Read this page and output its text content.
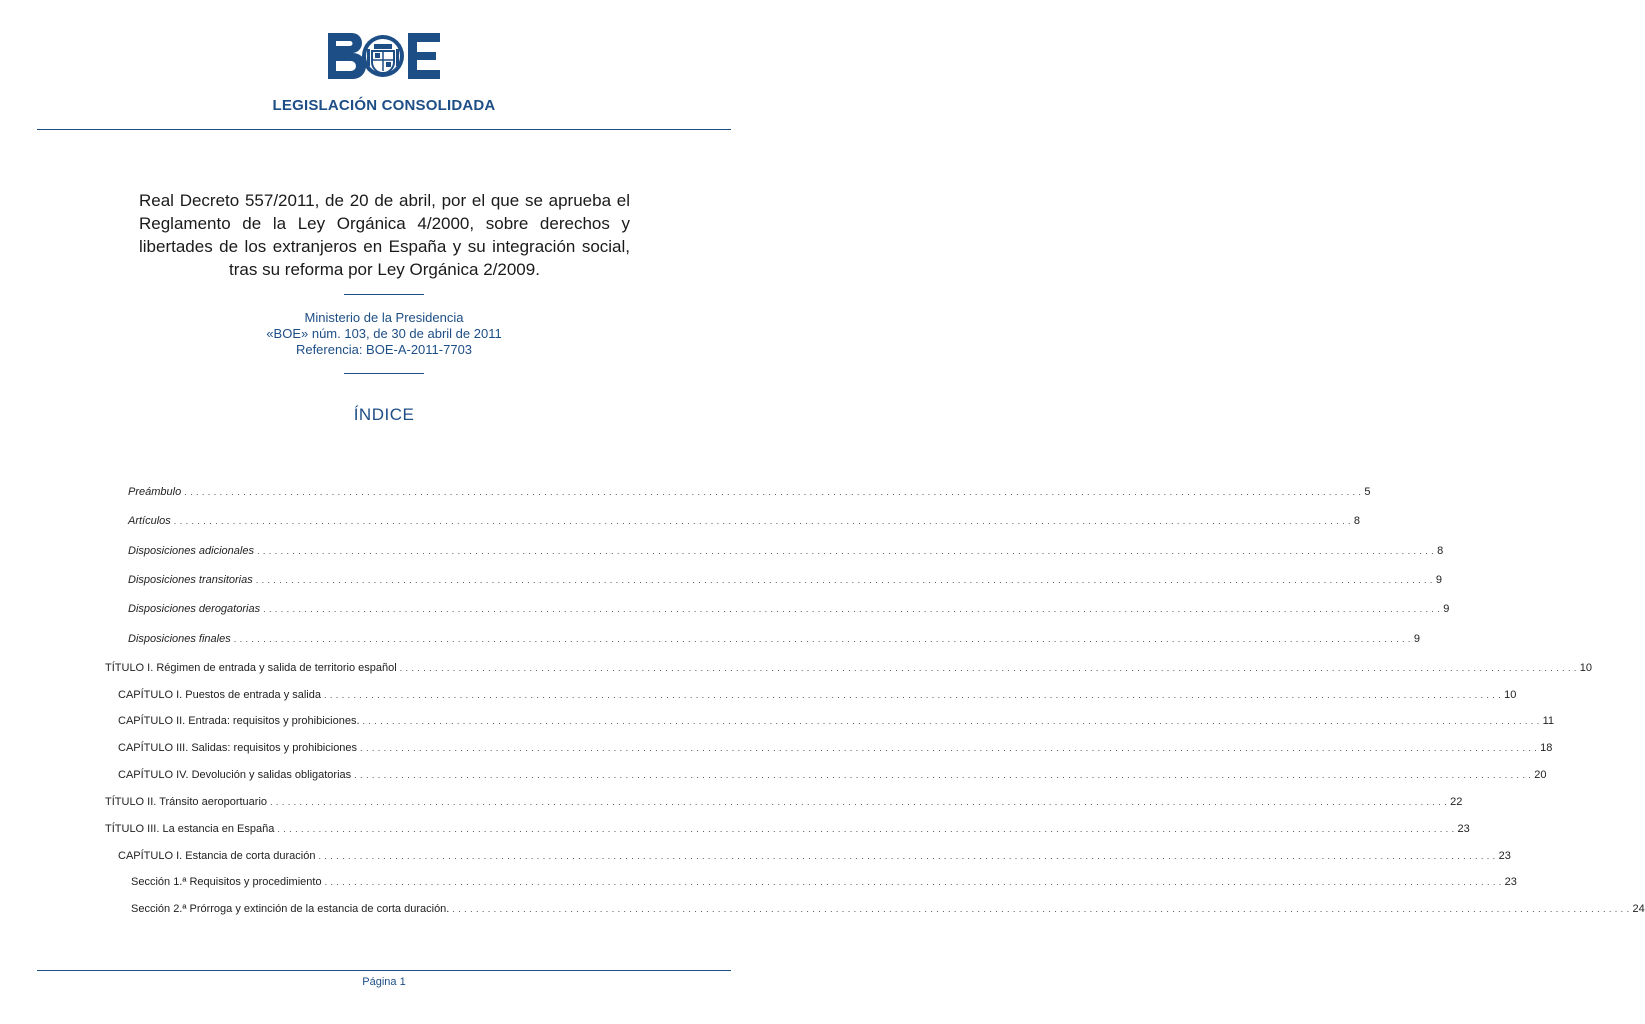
LEGISLACIÓN CONSOLIDADA
Real Decreto 557/2011, de 20 de abril, por el que se aprueba el Reglamento de la Ley Orgánica 4/2000, sobre derechos y libertades de los extranjeros en España y su integración social, tras su reforma por Ley Orgánica 2/2009.
Ministerio de la Presidencia
«BOE» núm. 103, de 30 de abril de 2011
Referencia: BOE-A-2011-7703
ÍNDICE
Preámbulo ........................................................................................................................................................................................................ 5
Artículos ........................................................................................................................................................................................................ 8
Disposiciones adicionales ........................................................................................................................................................................................................ 8
Disposiciones transitorias ........................................................................................................................................................................................................ 9
Disposiciones derogatorias ........................................................................................................................................................................................................ 9
Disposiciones finales ........................................................................................................................................................................................................ 9
TÍTULO I. Régimen de entrada y salida de territorio español ........................................................................................................................................................................................................ 10
CAPÍTULO I. Puestos de entrada y salida ........................................................................................................................................................................................................ 10
CAPÍTULO II. Entrada: requisitos y prohibiciones. ........................................................................................................................................................................................................ 11
CAPÍTULO III. Salidas: requisitos y prohibiciones ........................................................................................................................................................................................................ 18
CAPÍTULO IV. Devolución y salidas obligatorias ........................................................................................................................................................................................................ 20
TÍTULO II. Tránsito aeroportuario ........................................................................................................................................................................................................ 22
TÍTULO III. La estancia en España ........................................................................................................................................................................................................ 23
CAPÍTULO I. Estancia de corta duración ........................................................................................................................................................................................................ 23
Sección 1.ª Requisitos y procedimiento ........................................................................................................................................................................................................ 23
Sección 2.ª Prórroga y extinción de la estancia de corta duración. ........................................................................................................................................................................................................ 24
Página 1
